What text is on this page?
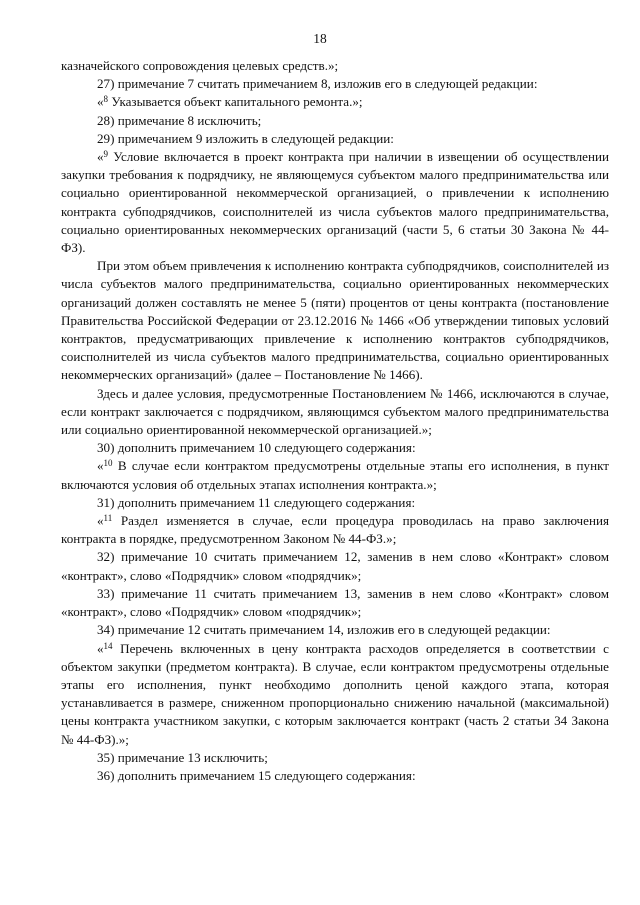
18

казначейского сопровождения целевых средств.»;

27) примечание 7 считать примечанием 8, изложив его в следующей редакции:

«$^8$ Указывается объект капитального ремонта.»;

28) примечание 8 исключить;

29) примечанием 9 изложить в следующей редакции:

«$^9$ Условие включается в проект контракта при наличии в извещении об осуществлении закупки требования к подрядчику, не являющемуся субъектом малого предпринимательства или социально ориентированной некоммерческой организацией, о привлечении к исполнению контракта субподрядчиков, соисполнителей из числа субъектов малого предпринимательства, социально ориентированных некоммерческих организаций (части 5, 6 статьи 30 Закона № 44-ФЗ).

При этом объем привлечения к исполнению контракта субподрядчиков, соисполнителей из числа субъектов малого предпринимательства, социально ориентированных некоммерческих организаций должен составлять не менее 5 (пяти) процентов от цены контракта (постановление Правительства Российской Федерации от 23.12.2016 № 1466 «Об утверждении типовых условий контрактов, предусматривающих привлечение к исполнению контрактов субподрядчиков, соисполнителей из числа субъектов малого предпринимательства, социально ориентированных некоммерческих организаций» (далее – Постановление № 1466).

Здесь и далее условия, предусмотренные Постановлением № 1466, исключаются в случае, если контракт заключается с подрядчиком, являющимся субъектом малого предпринимательства или социально ориентированной некоммерческой организацией.»;

30) дополнить примечанием 10 следующего содержания:

«$^{10}$ В случае если контрактом предусмотрены отдельные этапы его исполнения, в пункт включаются условия об отдельных этапах исполнения контракта.»;

31) дополнить примечанием 11 следующего содержания:

«$^{11}$ Раздел изменяется в случае, если процедура проводилась на право заключения контракта в порядке, предусмотренном Законом № 44-ФЗ.»;

32) примечание 10 считать примечанием 12, заменив в нем слово «Контракт» словом «контракт», слово «Подрядчик» словом «подрядчик»;

33) примечание 11 считать примечанием 13, заменив в нем слово «Контракт» словом «контракт», слово «Подрядчик» словом «подрядчик»;

34) примечание 12 считать примечанием 14, изложив его в следующей редакции:

«$^{14}$ Перечень включенных в цену контракта расходов определяется в соответствии с объектом закупки (предметом контракта). В случае, если контрактом предусмотрены отдельные этапы его исполнения, пункт необходимо дополнить ценой каждого этапа, которая устанавливается в размере, сниженном пропорционально снижению начальной (максимальной) цены контракта участником закупки, с которым заключается контракт (часть 2 статьи 34 Закона № 44-ФЗ).»;

35) примечание 13 исключить;

36) дополнить примечанием 15 следующего содержания:
